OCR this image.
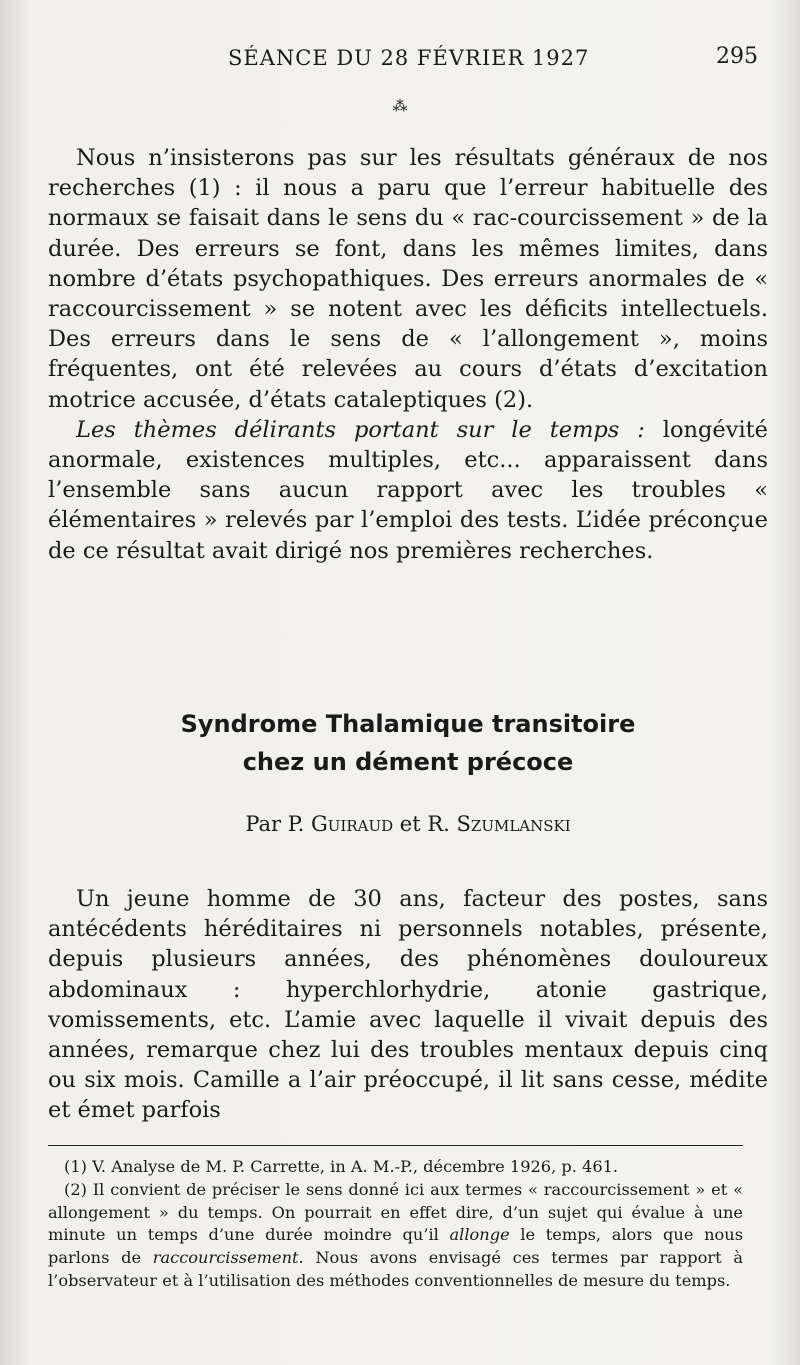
SÉANCE DU 28 FÉVRIER 1927	295
⁂

Nous n’insisterons pas sur les résultats généraux de nos recherches (1) : il nous a paru que l’erreur habituelle des normaux se faisait dans le sens du « rac-courcissement » de la durée. Des erreurs se font, dans les mêmes limites, dans nombre d’états psychopathiques. Des erreurs anormales de « raccourcissement » se notent avec les déficits intellectuels. Des erreurs dans le sens de « l’allongement », moins fréquentes, ont été relevées au cours d’états d’excitation motrice accusée, d’états cataleptiques (2).

Les thèmes délirants portant sur le temps : longévité anormale, existences multiples, etc... apparaissent dans l’ensemble sans aucun rapport avec les troubles « élémentaires » relevés par l’emploi des tests. L’idée préconçue de ce résultat avait dirigé nos premières recherches.

Syndrome Thalamique transitoire
chez un dément précoce
Par P. Guiraud et R. Szumlanski

Un jeune homme de 30 ans, facteur des postes, sans antécédents héréditaires ni personnels notables, présente, depuis plusieurs années, des phénomènes douloureux abdominaux : hyperchlorhydrie, atonie gastrique, vomissements, etc. L’amie avec laquelle il vivait depuis des années, remarque chez lui des troubles mentaux depuis cinq ou six mois. Camille a l’air préoccupé, il lit sans cesse, médite et émet parfois

(1) V. Analyse de M. P. Carrette, in A. M.-P., décembre 1926, p. 461.

(2) Il convient de préciser le sens donné ici aux termes « raccourcissement » et « allongement » du temps. On pourrait en effet dire, d’un sujet qui évalue à une minute un temps d’une durée moindre qu’il allonge le temps, alors que nous parlons de raccourcissement. Nous avons envisagé ces termes par rapport à l’observateur et à l’utilisation des méthodes conventionnelles de mesure du temps.
